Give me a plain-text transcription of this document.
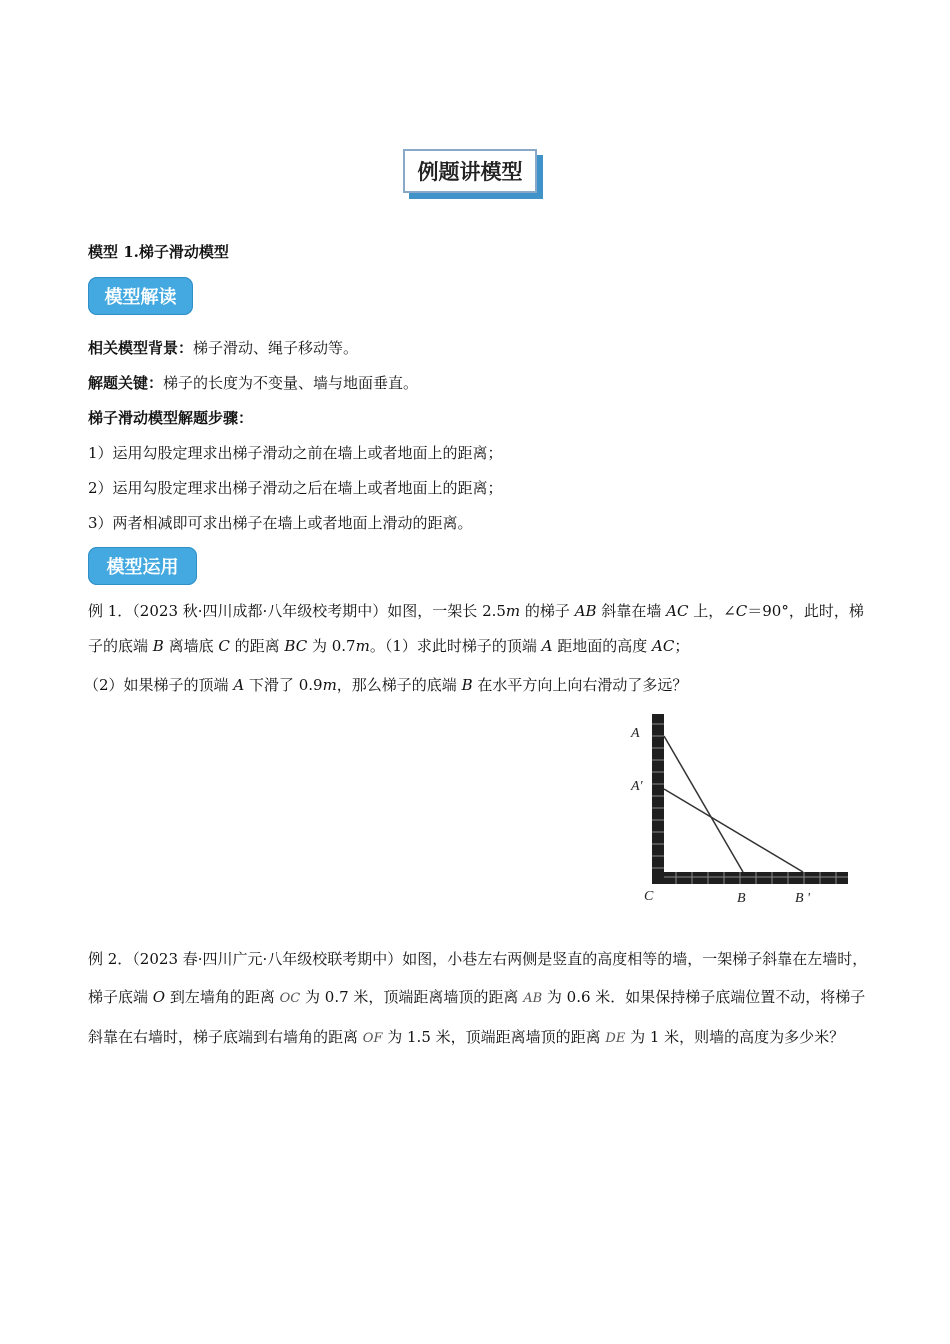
例题讲模型
模型 1.梯子滑动模型
模型解读
相关模型背景：梯子滑动、绳子移动等。
解题关键：梯子的长度为不变量、墙与地面垂直。
梯子滑动模型解题步骤：
1）运用勾股定理求出梯子滑动之前在墙上或者地面上的距离；
2）运用勾股定理求出梯子滑动之后在墙上或者地面上的距离；
3）两者相减即可求出梯子在墙上或者地面上滑动的距离。
模型运用
例 1．（2023 秋·四川成都·八年级校考期中）如图，一架长 2.5m 的梯子 AB 斜靠在墙 AC 上，∠C＝90°，此时，梯子的底端 B 离墙底 C 的距离 BC 为 0.7m。（1）求此时梯子的顶端 A 距地面的高度 AC；
（2）如果梯子的顶端 A 下滑了 0.9m，那么梯子的底端 B 在水平方向上向右滑动了多远？
A
A'
C	B	B '
例 2．（2023 春·四川广元·八年级校联考期中）如图，小巷左右两侧是竖直的高度相等的墙，一架梯子斜靠在左墙时，梯子底端 O 到左墙角的距离 OC 为 0.7 米，顶端距离墙顶的距离 AB 为 0.6 米．如果保持梯子底端位置不动，将梯子斜靠在右墙时，梯子底端到右墙角的距离 OF 为 1.5 米，顶端距离墙顶的距离 DE 为 1 米，则墙的高度为多少米？
